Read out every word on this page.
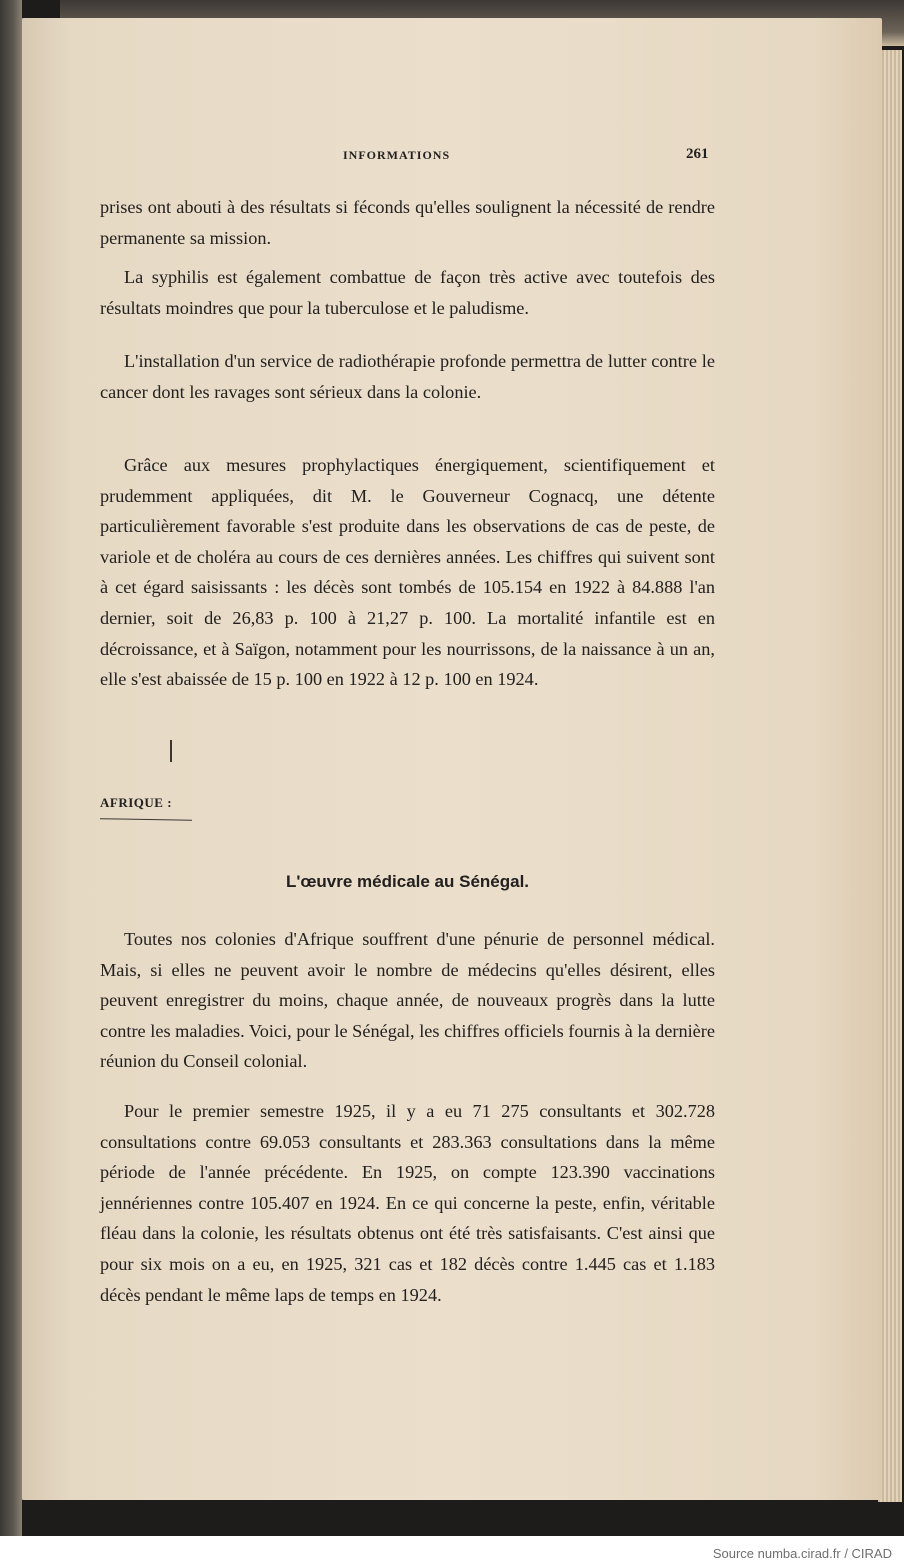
INFORMATIONS	261

prises ont abouti à des résultats si féconds qu'elles soulignent la nécessité de rendre permanente sa mission.

La syphilis est également combattue de façon très active avec toutefois des résultats moindres que pour la tuberculose et le paludisme.

L'installation d'un service de radiothérapie profonde permettra de lutter contre le cancer dont les ravages sont sérieux dans la colonie.

Grâce aux mesures prophylactiques énergiquement, scientifiquement et prudemment appliquées, dit M. le Gouverneur Cognacq, une détente particulièrement favorable s'est produite dans les observations de cas de peste, de variole et de choléra au cours de ces dernières années. Les chiffres qui suivent sont à cet égard saisissants : les décès sont tombés de 105.154 en 1922 à 84.888 l'an dernier, soit de 26,83 p. 100 à 21,27 p. 100. La mortalité infantile est en décroissance, et à Saïgon, notamment pour les nourrissons, de la naissance à un an, elle s'est abaissée de 15 p. 100 en 1922 à 12 p. 100 en 1924.

AFRIQUE :
L'œuvre médicale au Sénégal.

Toutes nos colonies d'Afrique souffrent d'une pénurie de personnel médical. Mais, si elles ne peuvent avoir le nombre de médecins qu'elles désirent, elles peuvent enregistrer du moins, chaque année, de nouveaux progrès dans la lutte contre les maladies. Voici, pour le Sénégal, les chiffres officiels fournis à la dernière réunion du Conseil colonial.

Pour le premier semestre 1925, il y a eu 71 275 consultants et 302.728 consultations contre 69.053 consultants et 283.363 consultations dans la même période de l'année précédente. En 1925, on compte 123.390 vaccinations jennériennes contre 105.407 en 1924. En ce qui concerne la peste, enfin, véritable fléau dans la colonie, les résultats obtenus ont été très satisfaisants. C'est ainsi que pour six mois on a eu, en 1925, 321 cas et 182 décès contre 1.445 cas et 1.183 décès pendant le même laps de temps en 1924.

Source numba.cirad.fr / CIRAD
